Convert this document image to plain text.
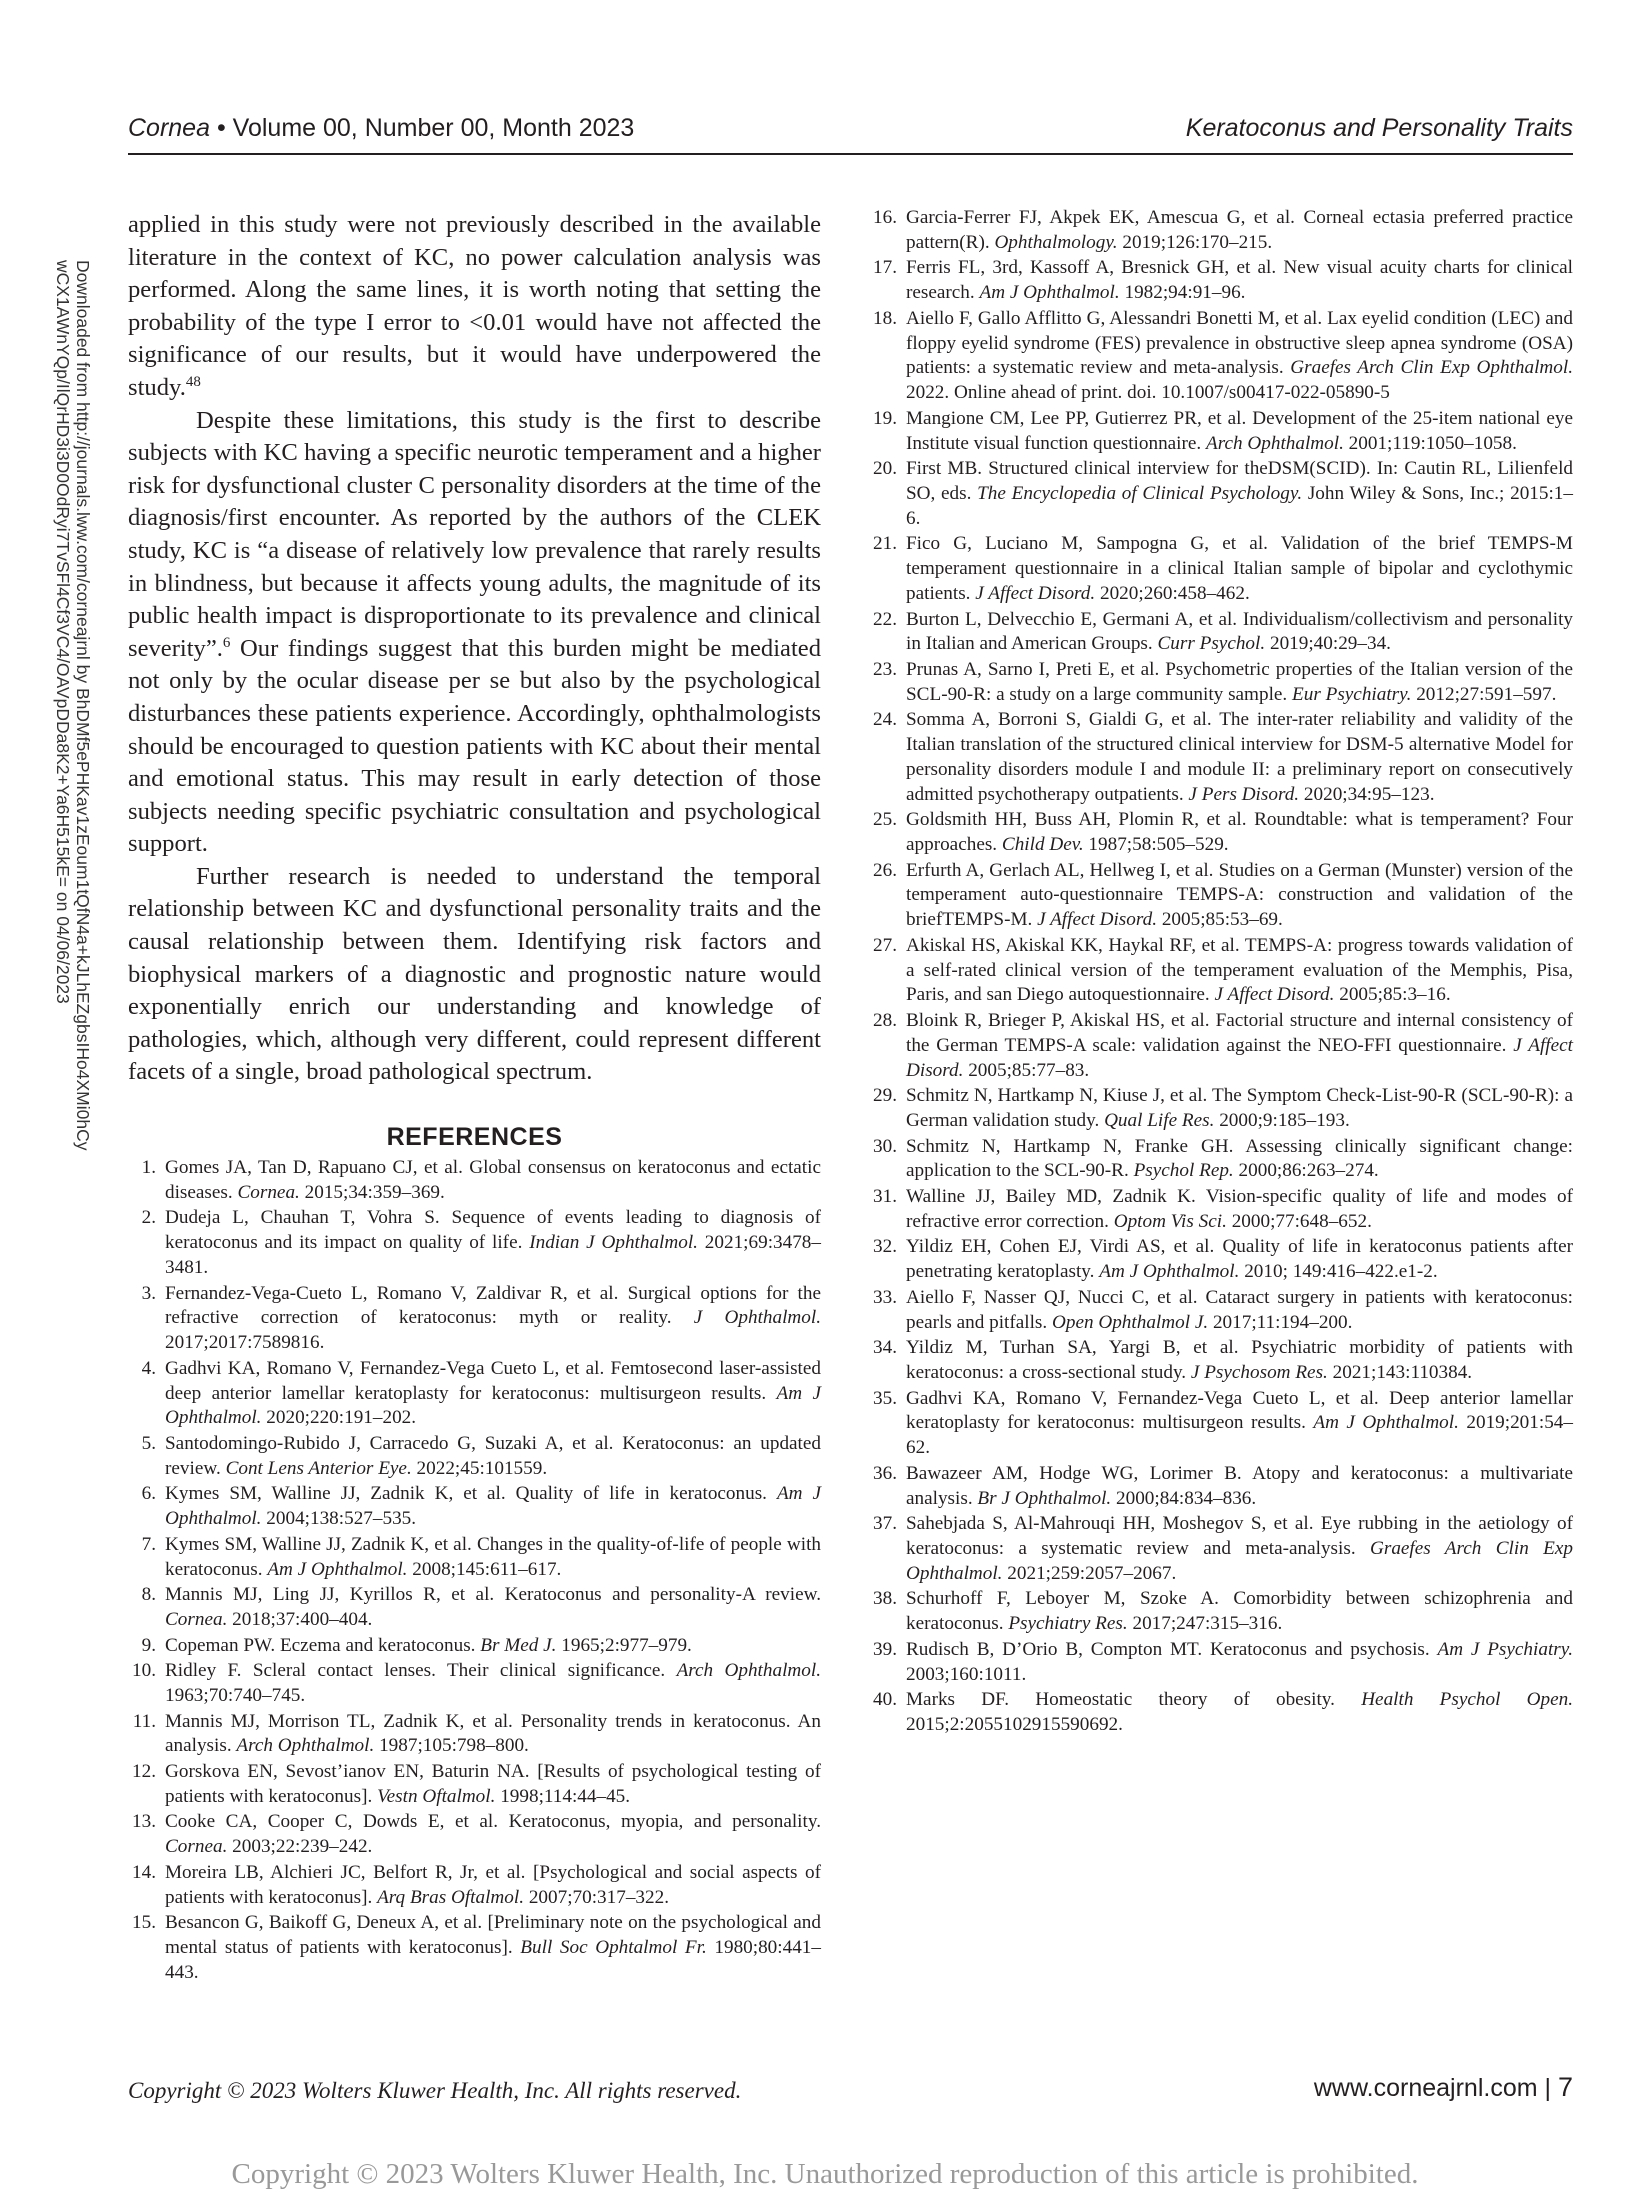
Cornea • Volume 00, Number 00, Month 2023	Keratoconus and Personality Traits
Downloaded from http://journals.lww.com/corneajrnl by BhDMf5ePHKav1zEoum1tQfN4a+kJLhEZgbsIHo4XMi0hCy
wCX1AWnYQp/IlQrHD3i3D0OdRyi7TvSFl4Cf3VC4/OAVpDDa8K2+Ya6H515kE= on 04/06/2023

applied in this study were not previously described in the available literature in the context of KC, no power calculation analysis was performed. Along the same lines, it is worth noting that setting the probability of the type I error to <0.01 would have not affected the significance of our results, but it would have underpowered the study.$^{48}$

Despite these limitations, this study is the first to describe subjects with KC having a specific neurotic temperament and a higher risk for dysfunctional cluster C personality disorders at the time of the diagnosis/first encounter. As reported by the authors of the CLEK study, KC is “a disease of relatively low prevalence that rarely results in blindness, but because it affects young adults, the magnitude of its public health impact is disproportionate to its prevalence and clinical severity”.$^6$ Our findings suggest that this burden might be mediated not only by the ocular disease per se but also by the psychological disturbances these patients experience. Accordingly, ophthalmologists should be encouraged to question patients with KC about their mental and emotional status. This may result in early detection of those subjects needing specific psychiatric consultation and psychological support.

Further research is needed to understand the temporal relationship between KC and dysfunctional personality traits and the causal relationship between them. Identifying risk factors and biophysical markers of a diagnostic and prognostic nature would exponentially enrich our understanding and knowledge of pathologies, which, although very different, could represent different facets of a single, broad pathological spectrum.

REFERENCES
1. Gomes JA, Tan D, Rapuano CJ, et al. Global consensus on keratoconus and ectatic diseases. Cornea. 2015;34:359–369.
2. Dudeja L, Chauhan T, Vohra S. Sequence of events leading to diagnosis of keratoconus and its impact on quality of life. Indian J Ophthalmol. 2021;69:3478–3481.
3. Fernandez-Vega-Cueto L, Romano V, Zaldivar R, et al. Surgical options for the refractive correction of keratoconus: myth or reality. J Ophthalmol. 2017;2017:7589816.
4. Gadhvi KA, Romano V, Fernandez-Vega Cueto L, et al. Femtosecond laser-assisted deep anterior lamellar keratoplasty for keratoconus: multisurgeon results. Am J Ophthalmol. 2020;220:191–202.
5. Santodomingo-Rubido J, Carracedo G, Suzaki A, et al. Keratoconus: an updated review. Cont Lens Anterior Eye. 2022;45:101559.
6. Kymes SM, Walline JJ, Zadnik K, et al. Quality of life in keratoconus. Am J Ophthalmol. 2004;138:527–535.
7. Kymes SM, Walline JJ, Zadnik K, et al. Changes in the quality-of-life of people with keratoconus. Am J Ophthalmol. 2008;145:611–617.
8. Mannis MJ, Ling JJ, Kyrillos R, et al. Keratoconus and personality-A review. Cornea. 2018;37:400–404.
9. Copeman PW. Eczema and keratoconus. Br Med J. 1965;2:977–979.
10. Ridley F. Scleral contact lenses. Their clinical significance. Arch Ophthalmol. 1963;70:740–745.
11. Mannis MJ, Morrison TL, Zadnik K, et al. Personality trends in keratoconus. An analysis. Arch Ophthalmol. 1987;105:798–800.
12. Gorskova EN, Sevost’ianov EN, Baturin NA. [Results of psychological testing of patients with keratoconus]. Vestn Oftalmol. 1998;114:44–45.
13. Cooke CA, Cooper C, Dowds E, et al. Keratoconus, myopia, and personality. Cornea. 2003;22:239–242.
14. Moreira LB, Alchieri JC, Belfort R, Jr, et al. [Psychological and social aspects of patients with keratoconus]. Arq Bras Oftalmol. 2007;70:317–322.
15. Besancon G, Baikoff G, Deneux A, et al. [Preliminary note on the psychological and mental status of patients with keratoconus]. Bull Soc Ophtalmol Fr. 1980;80:441–443.
16. Garcia-Ferrer FJ, Akpek EK, Amescua G, et al. Corneal ectasia preferred practice pattern(R). Ophthalmology. 2019;126:170–215.
17. Ferris FL, 3rd, Kassoff A, Bresnick GH, et al. New visual acuity charts for clinical research. Am J Ophthalmol. 1982;94:91–96.
18. Aiello F, Gallo Afflitto G, Alessandri Bonetti M, et al. Lax eyelid condition (LEC) and floppy eyelid syndrome (FES) prevalence in obstructive sleep apnea syndrome (OSA) patients: a systematic review and meta-analysis. Graefes Arch Clin Exp Ophthalmol. 2022. Online ahead of print. doi. 10.1007/s00417-022-05890-5
19. Mangione CM, Lee PP, Gutierrez PR, et al. Development of the 25-item national eye Institute visual function questionnaire. Arch Ophthalmol. 2001;119:1050–1058.
20. First MB. Structured clinical interview for theDSM(SCID). In: Cautin RL, Lilienfeld SO, eds. The Encyclopedia of Clinical Psychology. John Wiley & Sons, Inc.; 2015:1–6.
21. Fico G, Luciano M, Sampogna G, et al. Validation of the brief TEMPS-M temperament questionnaire in a clinical Italian sample of bipolar and cyclothymic patients. J Affect Disord. 2020;260:458–462.
22. Burton L, Delvecchio E, Germani A, et al. Individualism/collectivism and personality in Italian and American Groups. Curr Psychol. 2019;40:29–34.
23. Prunas A, Sarno I, Preti E, et al. Psychometric properties of the Italian version of the SCL-90-R: a study on a large community sample. Eur Psychiatry. 2012;27:591–597.
24. Somma A, Borroni S, Gialdi G, et al. The inter-rater reliability and validity of the Italian translation of the structured clinical interview for DSM-5 alternative Model for personality disorders module I and module II: a preliminary report on consecutively admitted psychotherapy outpatients. J Pers Disord. 2020;34:95–123.
25. Goldsmith HH, Buss AH, Plomin R, et al. Roundtable: what is temperament? Four approaches. Child Dev. 1987;58:505–529.
26. Erfurth A, Gerlach AL, Hellweg I, et al. Studies on a German (Munster) version of the temperament auto-questionnaire TEMPS-A: construction and validation of the briefTEMPS-M. J Affect Disord. 2005;85:53–69.
27. Akiskal HS, Akiskal KK, Haykal RF, et al. TEMPS-A: progress towards validation of a self-rated clinical version of the temperament evaluation of the Memphis, Pisa, Paris, and san Diego autoquestionnaire. J Affect Disord. 2005;85:3–16.
28. Bloink R, Brieger P, Akiskal HS, et al. Factorial structure and internal consistency of the German TEMPS-A scale: validation against the NEO-FFI questionnaire. J Affect Disord. 2005;85:77–83.
29. Schmitz N, Hartkamp N, Kiuse J, et al. The Symptom Check-List-90-R (SCL-90-R): a German validation study. Qual Life Res. 2000;9:185–193.
30. Schmitz N, Hartkamp N, Franke GH. Assessing clinically significant change: application to the SCL-90-R. Psychol Rep. 2000;86:263–274.
31. Walline JJ, Bailey MD, Zadnik K. Vision-specific quality of life and modes of refractive error correction. Optom Vis Sci. 2000;77:648–652.
32. Yildiz EH, Cohen EJ, Virdi AS, et al. Quality of life in keratoconus patients after penetrating keratoplasty. Am J Ophthalmol. 2010; 149:416–422.e1-2.
33. Aiello F, Nasser QJ, Nucci C, et al. Cataract surgery in patients with keratoconus: pearls and pitfalls. Open Ophthalmol J. 2017;11:194–200.
34. Yildiz M, Turhan SA, Yargi B, et al. Psychiatric morbidity of patients with keratoconus: a cross-sectional study. J Psychosom Res. 2021;143:110384.
35. Gadhvi KA, Romano V, Fernandez-Vega Cueto L, et al. Deep anterior lamellar keratoplasty for keratoconus: multisurgeon results. Am J Ophthalmol. 2019;201:54–62.
36. Bawazeer AM, Hodge WG, Lorimer B. Atopy and keratoconus: a multivariate analysis. Br J Ophthalmol. 2000;84:834–836.
37. Sahebjada S, Al-Mahrouqi HH, Moshegov S, et al. Eye rubbing in the aetiology of keratoconus: a systematic review and meta-analysis. Graefes Arch Clin Exp Ophthalmol. 2021;259:2057–2067.
38. Schurhoff F, Leboyer M, Szoke A. Comorbidity between schizophrenia and keratoconus. Psychiatry Res. 2017;247:315–316.
39. Rudisch B, D’Orio B, Compton MT. Keratoconus and psychosis. Am J Psychiatry. 2003;160:1011.
40. Marks DF. Homeostatic theory of obesity. Health Psychol Open. 2015;2:2055102915590692.
Copyright © 2023 Wolters Kluwer Health, Inc. All rights reserved.	www.corneajrnl.com | 7
Copyright © 2023 Wolters Kluwer Health, Inc. Unauthorized reproduction of this article is prohibited.
